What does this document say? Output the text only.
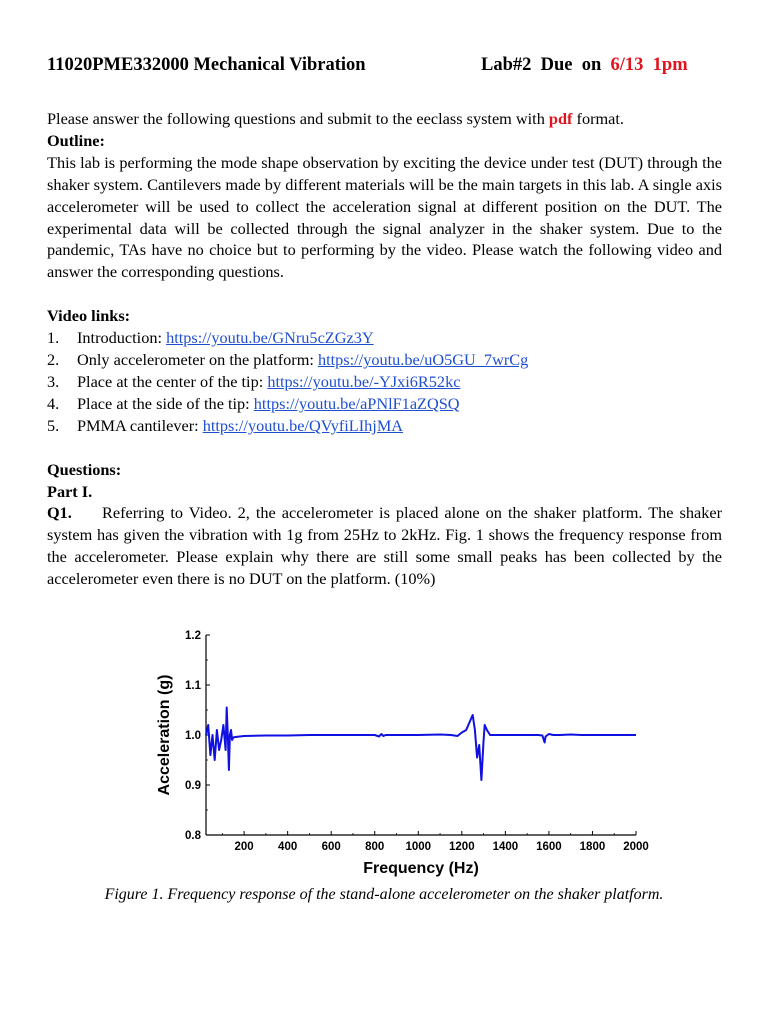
11020PME332000 Mechanical Vibration	Lab#2  Due  on  6/13 1pm

Please answer the following questions and submit to the eeclass system with pdf format.

Outline:

This lab is performing the mode shape observation by exciting the device under test (DUT) through the shaker system. Cantilevers made by different materials will be the main targets in this lab. A single axis accelerometer will be used to collect the acceleration signal at different position on the DUT. The experimental data will be collected through the signal analyzer in the shaker system. Due to the pandemic, TAs have no choice but to performing by the video. Please watch the following video and answer the corresponding questions.

Video links:

1. Introduction: https://youtu.be/GNru5cZGz3Y
2. Only accelerometer on the platform: https://youtu.be/uO5GU_7wrCg
3. Place at the center of the tip: https://youtu.be/-YJxi6R52kc
4. Place at the side of the tip: https://youtu.be/aPNlF1aZQSQ
5. PMMA cantilever: https://youtu.be/QVyfiLIhjMA

Questions:

Part I.

Q1. Referring to Video. 2, the accelerometer is placed alone on the shaker platform. The shaker system has given the vibration with 1g from 25Hz to 2kHz. Fig. 1 shows the frequency response from the accelerometer. Please explain why there are still some small peaks has been collected by the accelerometer even there is no DUT on the platform. (10%)

200 400 600 800 1000 1200 1400 1600 1800 2000
0.8
0.9
1.0
1.1
1.2
Frequency (Hz)
Acceleration (g)
Figure 1. Frequency response of the stand-alone accelerometer on the shaker platform.
